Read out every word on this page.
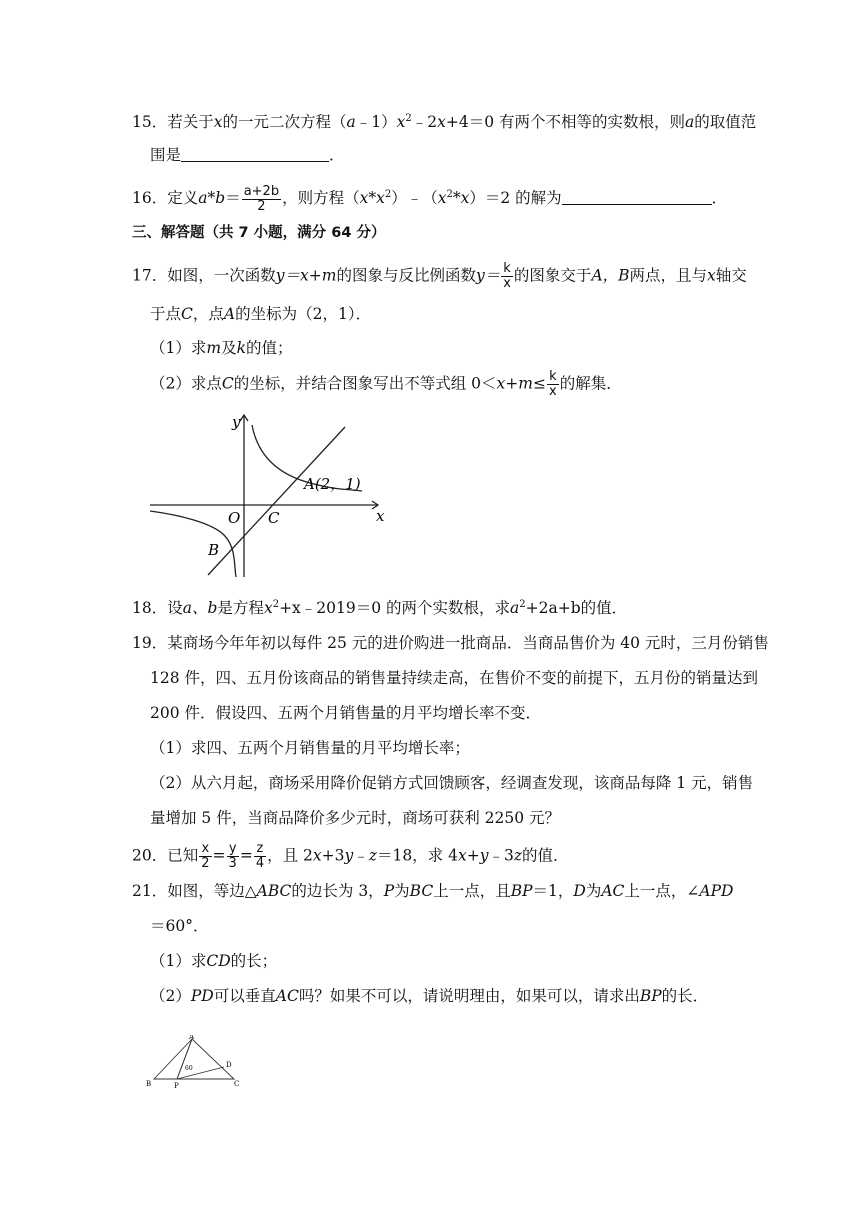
15．若关于x的一元二次方程$(a﹣1)x^2﹣2x+4=0$ 有两个不相等的实数根，则a的取值范
围是	．
16．定义$a*b= \frac{a+2b}{2}$ ，则方程$(x*x^2)﹣(x^2*x)=2$ 的解为	．
三、解答题（共 7 小题，满分 64 分）
17．如图，一次函数y＝x+m的图象与反比例函数$y= \frac{k}{x}$ 的图象交于A，B两点，且与x轴交
于点C，点A的坐标为（2，1）．
（1）求m及k的值；
（2）求点C的坐标，并结合图象写出不等式组 $0<x+m\le \frac{k}{x}$ 的解集．
y
x
O C
A(2，1)
B
18．设a、b是方程$x^2+x﹣2019=0$ 的两个实数根，求$a^2+2a+b$的值．
19．某商场今年年初以每件 25 元的进价购进一批商品．当商品售价为 40 元时，三月份销售
128 件，四、五月份该商品的销售量持续走高，在售价不变的前提下，五月份的销量达到
200 件．假设四、五两个月销售量的月平均增长率不变．
（1）求四、五两个月销售量的月平均增长率；
（2）从六月起，商场采用降价促销方式回馈顾客，经调查发现，该商品每降 1 元，销售
量增加 5 件，当商品降价多少元时，商场可获利 2250 元？
20．已知 $\frac{x}{2} = \frac{y}{3} = \frac{z}{4}$ ，且 2x+3y﹣z＝18，求 4x+y﹣3z的值．
21．如图，等边△ABC的边长为 3，P为BC上一点，且BP＝1，D为AC上一点，∠APD
＝60°．
（1）求CD的长；
（2）PD可以垂直AC吗？如果不可以，请说明理由，如果可以，请求出BP的长．
A
B	C
P
D
60
